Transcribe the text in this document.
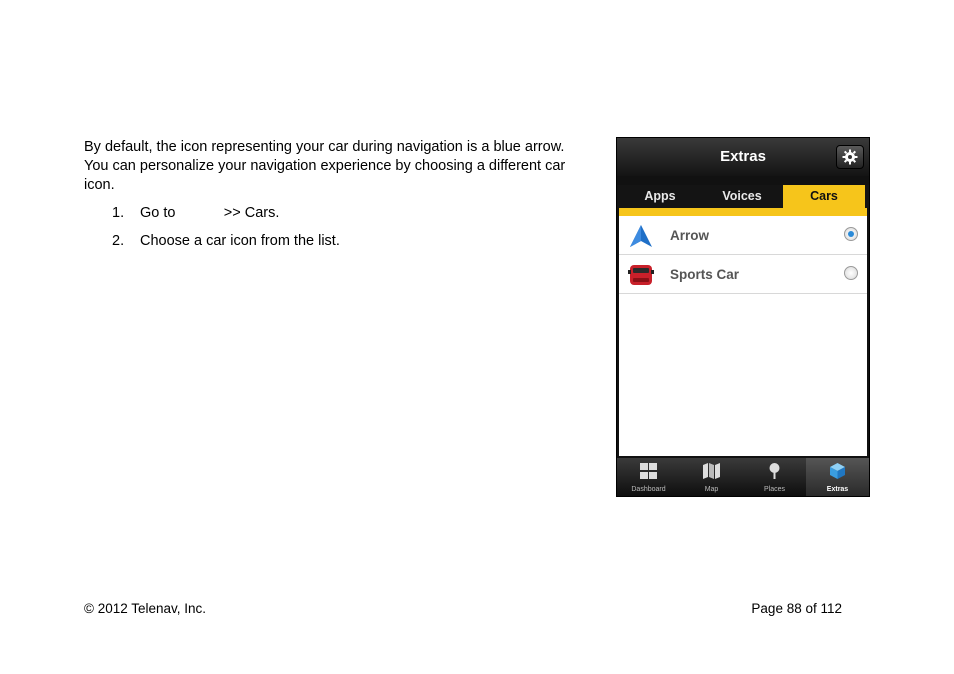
By default, the icon representing your car during navigation is a blue arrow.
You can personalize your navigation experience by choosing a different car
icon.

1. Go to            >> Cars.
2. Choose a car icon from the list.
Extras
Apps	Voices	Cars
Arrow
Sports Car
Dashboard	Map	Places	Extras
© 2012 Telenav, Inc.	Page 88 of 112
